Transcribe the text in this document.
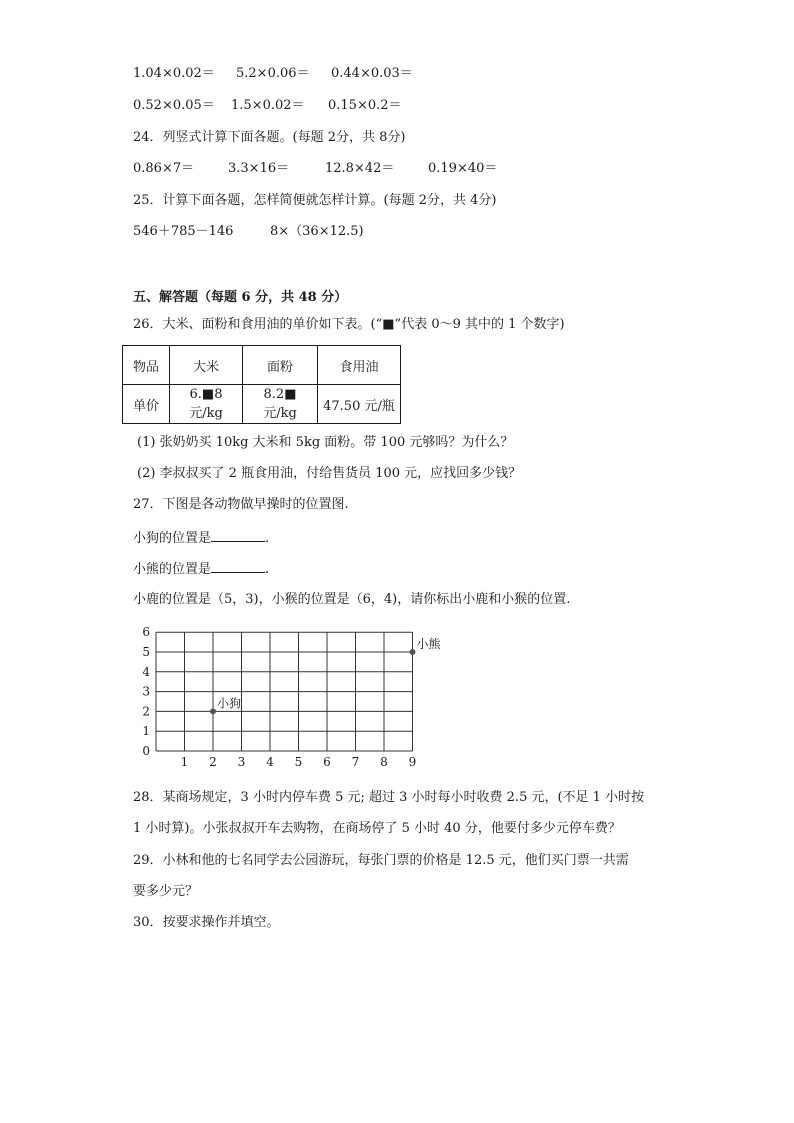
1.04×0.02＝ 5.2×0.06＝ 0.44×0.03＝
0.52×0.05＝ 1.5×0.02＝ 0.15×0.2＝
24．列竖式计算下面各题。(每题 2分，共 8分)
0.86×7＝	3.3×16＝	12.8×42＝	0.19×40＝
25．计算下面各题，怎样简便就怎样计算。(每题 2分，共 4分)
546＋785－146	8×（36×12.5)
五、解答题（每题 6 分，共 48 分）
26．大米、面粉和食用油的单价如下表。(“■”代表 0～9 其中的 1 个数字)
物品	大米	面粉	食用油
单价	6.■8 元/kg	8.2■元/kg	47.50 元/瓶
(1) 张奶奶买 10kg 大米和 5kg 面粉。带 100 元够吗？为什么？
(2) 李叔叔买了 2 瓶食用油，付给售货员 100 元，应找回多少钱？
27．下图是各动物做早操时的位置图.
小狗的位置是	.
小熊的位置是	.
小鹿的位置是（5，3)，小猴的位置是（6，4)，请你标出小鹿和小猴的位置.
1 2 3 4 5 6 7 8 9
0
1
2
3
4
5
6
小狗
小熊
28．某商场规定，3 小时内停车费 5 元; 超过 3 小时每小时收费 2.5 元，(不足 1 小时按
1 小时算)。小张叔叔开车去购物，在商场停了 5 小时 40 分，他要付多少元停车费？
29．小林和他的七名同学去公园游玩，每张门票的价格是 12.5 元，他们买门票一共需
要多少元？
30．按要求操作并填空。
